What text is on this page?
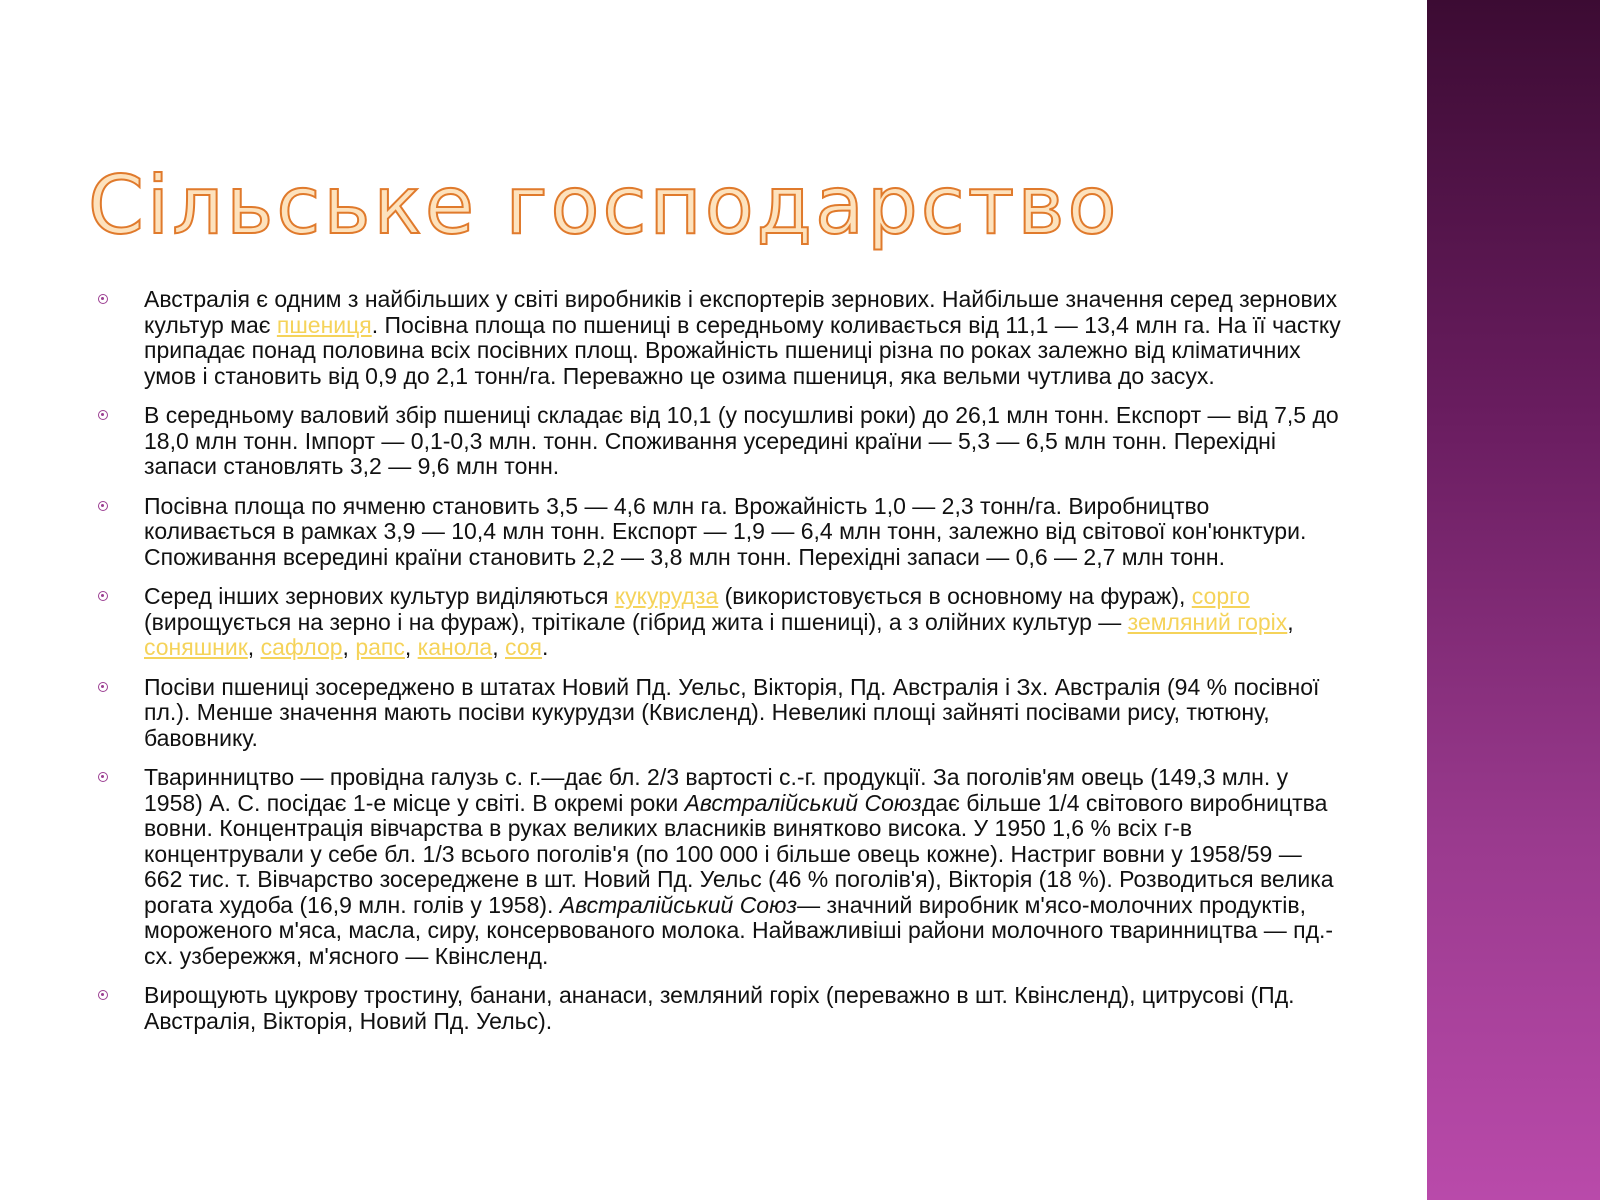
Сільське господарство
Австралія є одним з найбільших у світі виробників і експортерів зернових. Найбільше значення серед зернових культур має пшениця. Посівна площа по пшениці в середньому коливається від 11,1 — 13,4 млн га. На її частку припадає понад половина всіх посівних площ. Врожайність пшениці різна по роках залежно від кліматичних умов і становить від 0,9 до 2,1 тонн/га. Переважно це озима пшениця, яка вельми чутлива до засух.
В середньому валовий збір пшениці складає від 10,1 (у посушливі роки) до 26,1 млн тонн. Експорт — від 7,5 до 18,0 млн тонн. Імпорт — 0,1-0,3 млн. тонн. Споживання усередині країни — 5,3 — 6,5 млн тонн. Перехідні запаси становлять 3,2 — 9,6 млн тонн.
Посівна площа по ячменю становить 3,5 — 4,6 млн га. Врожайність 1,0 — 2,3 тонн/га. Виробництво коливається в рамках 3,9 — 10,4 млн тонн. Експорт — 1,9 — 6,4 млн тонн, залежно від світової кон'юнктури. Споживання всередині країни становить 2,2 — 3,8 млн тонн. Перехідні запаси — 0,6 — 2,7 млн тонн.
Серед інших зернових культур виділяються кукурудза (використовується в основному на фураж), сорго (вирощується на зерно і на фураж), трітікале (гібрид жита і пшениці), а з олійних культур — земляний горіх, соняшник, сафлор, рапс, канола, соя.
Посіви пшениці зосереджено в штатах Новий Пд. Уельс, Вікторія, Пд. Австралія і Зх. Австралія (94 % посівної пл.). Менше значення мають посіви кукурудзи (Квисленд). Невеликі площі зайняті посівами рису, тютюну, бавовнику.
Тваринництво — провідна галузь с. г.—дає бл. 2/3 вартості с.-г. продукції. За поголів'ям овець (149,3 млн. у 1958) А. С. посідає 1-е місце у світі. В окремі роки Австралійський Союздає більше 1/4 світового виробництва вовни. Концентрація вівчарства в руках великих власників винятково висока. У 1950 1,6 % всіх г-в концентрували у себе бл. 1/3 всього поголів'я (по 100 000 і більше овець кожне). Настриг вовни у 1958/59 — 662 тис. т. Вівчарство зосереджене в шт. Новий Пд. Уельс (46 % поголів'я), Вікторія (18 %). Розводиться велика рогата худоба (16,9 млн. голів у 1958). Австралійський Союз— значний виробник м'ясо-молочних продуктів, мороженого м'яса, масла, сиру, консервованого молока. Найважливіші райони молочного тваринництва — пд.-сх. узбережжя, м'ясного — Квінсленд.
Вирощують цукрову тростину, банани, ананаси, земляний горіх (переважно в шт. Квінсленд), цитрусові (Пд. Австралія, Вікторія, Новий Пд. Уельс).
